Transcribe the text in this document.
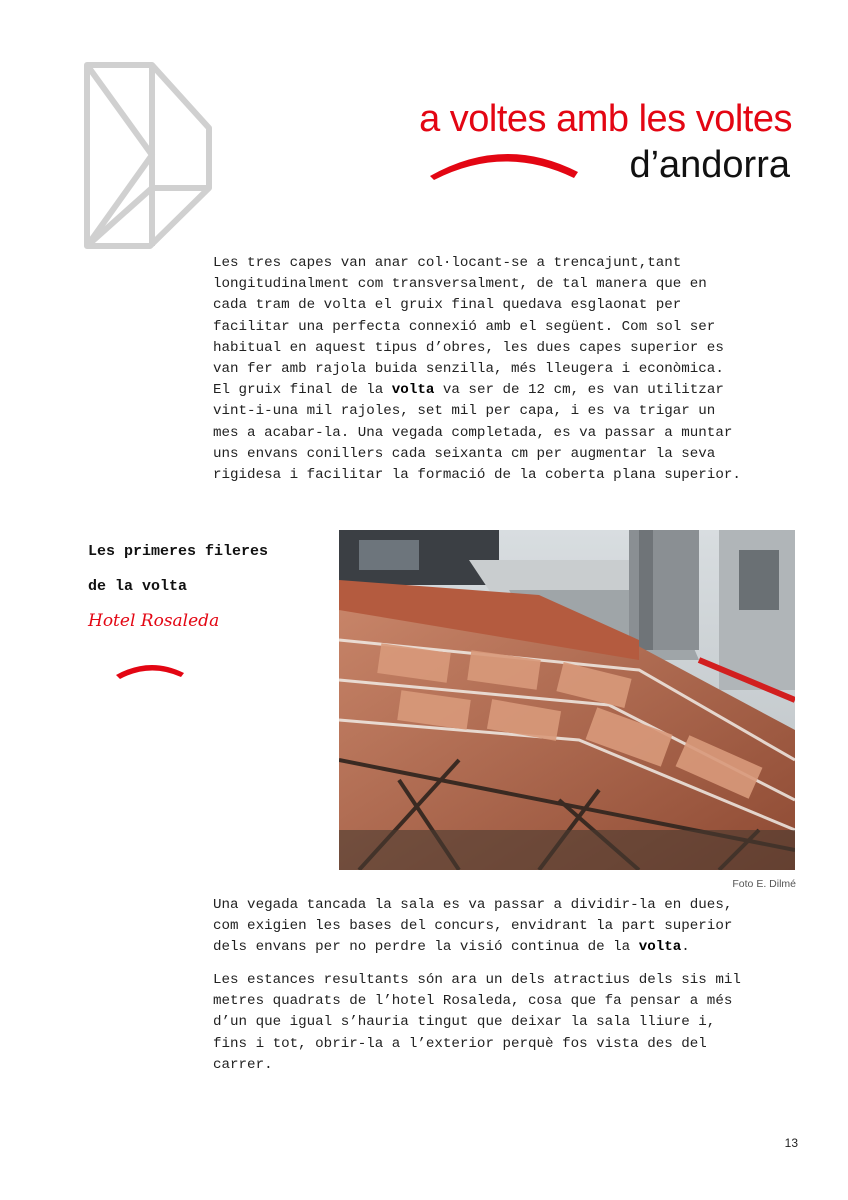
a voltes amb les voltes
d’andorra
Les tres capes van anar col·locant-se a trencajunt,tant
longitudinalment com transversalment, de tal manera que en
cada tram de volta el gruix final quedava esglaonat per
facilitar una perfecta connexió amb el següent. Com sol ser
habitual en aquest tipus d’obres, les dues capes superior es
van fer amb rajola buida senzilla, més lleugera i econòmica.
El gruix final de la volta va ser de 12 cm, es van utilitzar
vint-i-una mil rajoles, set mil per capa, i es va trigar un
mes a acabar-la. Una vegada completada, es va passar a muntar
uns envans conillers cada seixanta cm per augmentar la seva
rigidesa i facilitar la formació de la coberta plana superior.
Les primeres fileres
de la volta
Hotel Rosaleda
Foto E. Dilmé
Una vegada tancada la sala es va passar a dividir-la en dues,
com exigien les bases del concurs, envidrant la part superior
dels envans per no perdre la visió continua de la volta.
Les estances resultants són ara un dels atractius dels sis mil
metres quadrats de l’hotel Rosaleda, cosa que fa pensar a més
d’un que igual s’hauria tingut que deixar la sala lliure i,
fins i tot, obrir-la a l’exterior perquè fos vista des del
carrer.
13
